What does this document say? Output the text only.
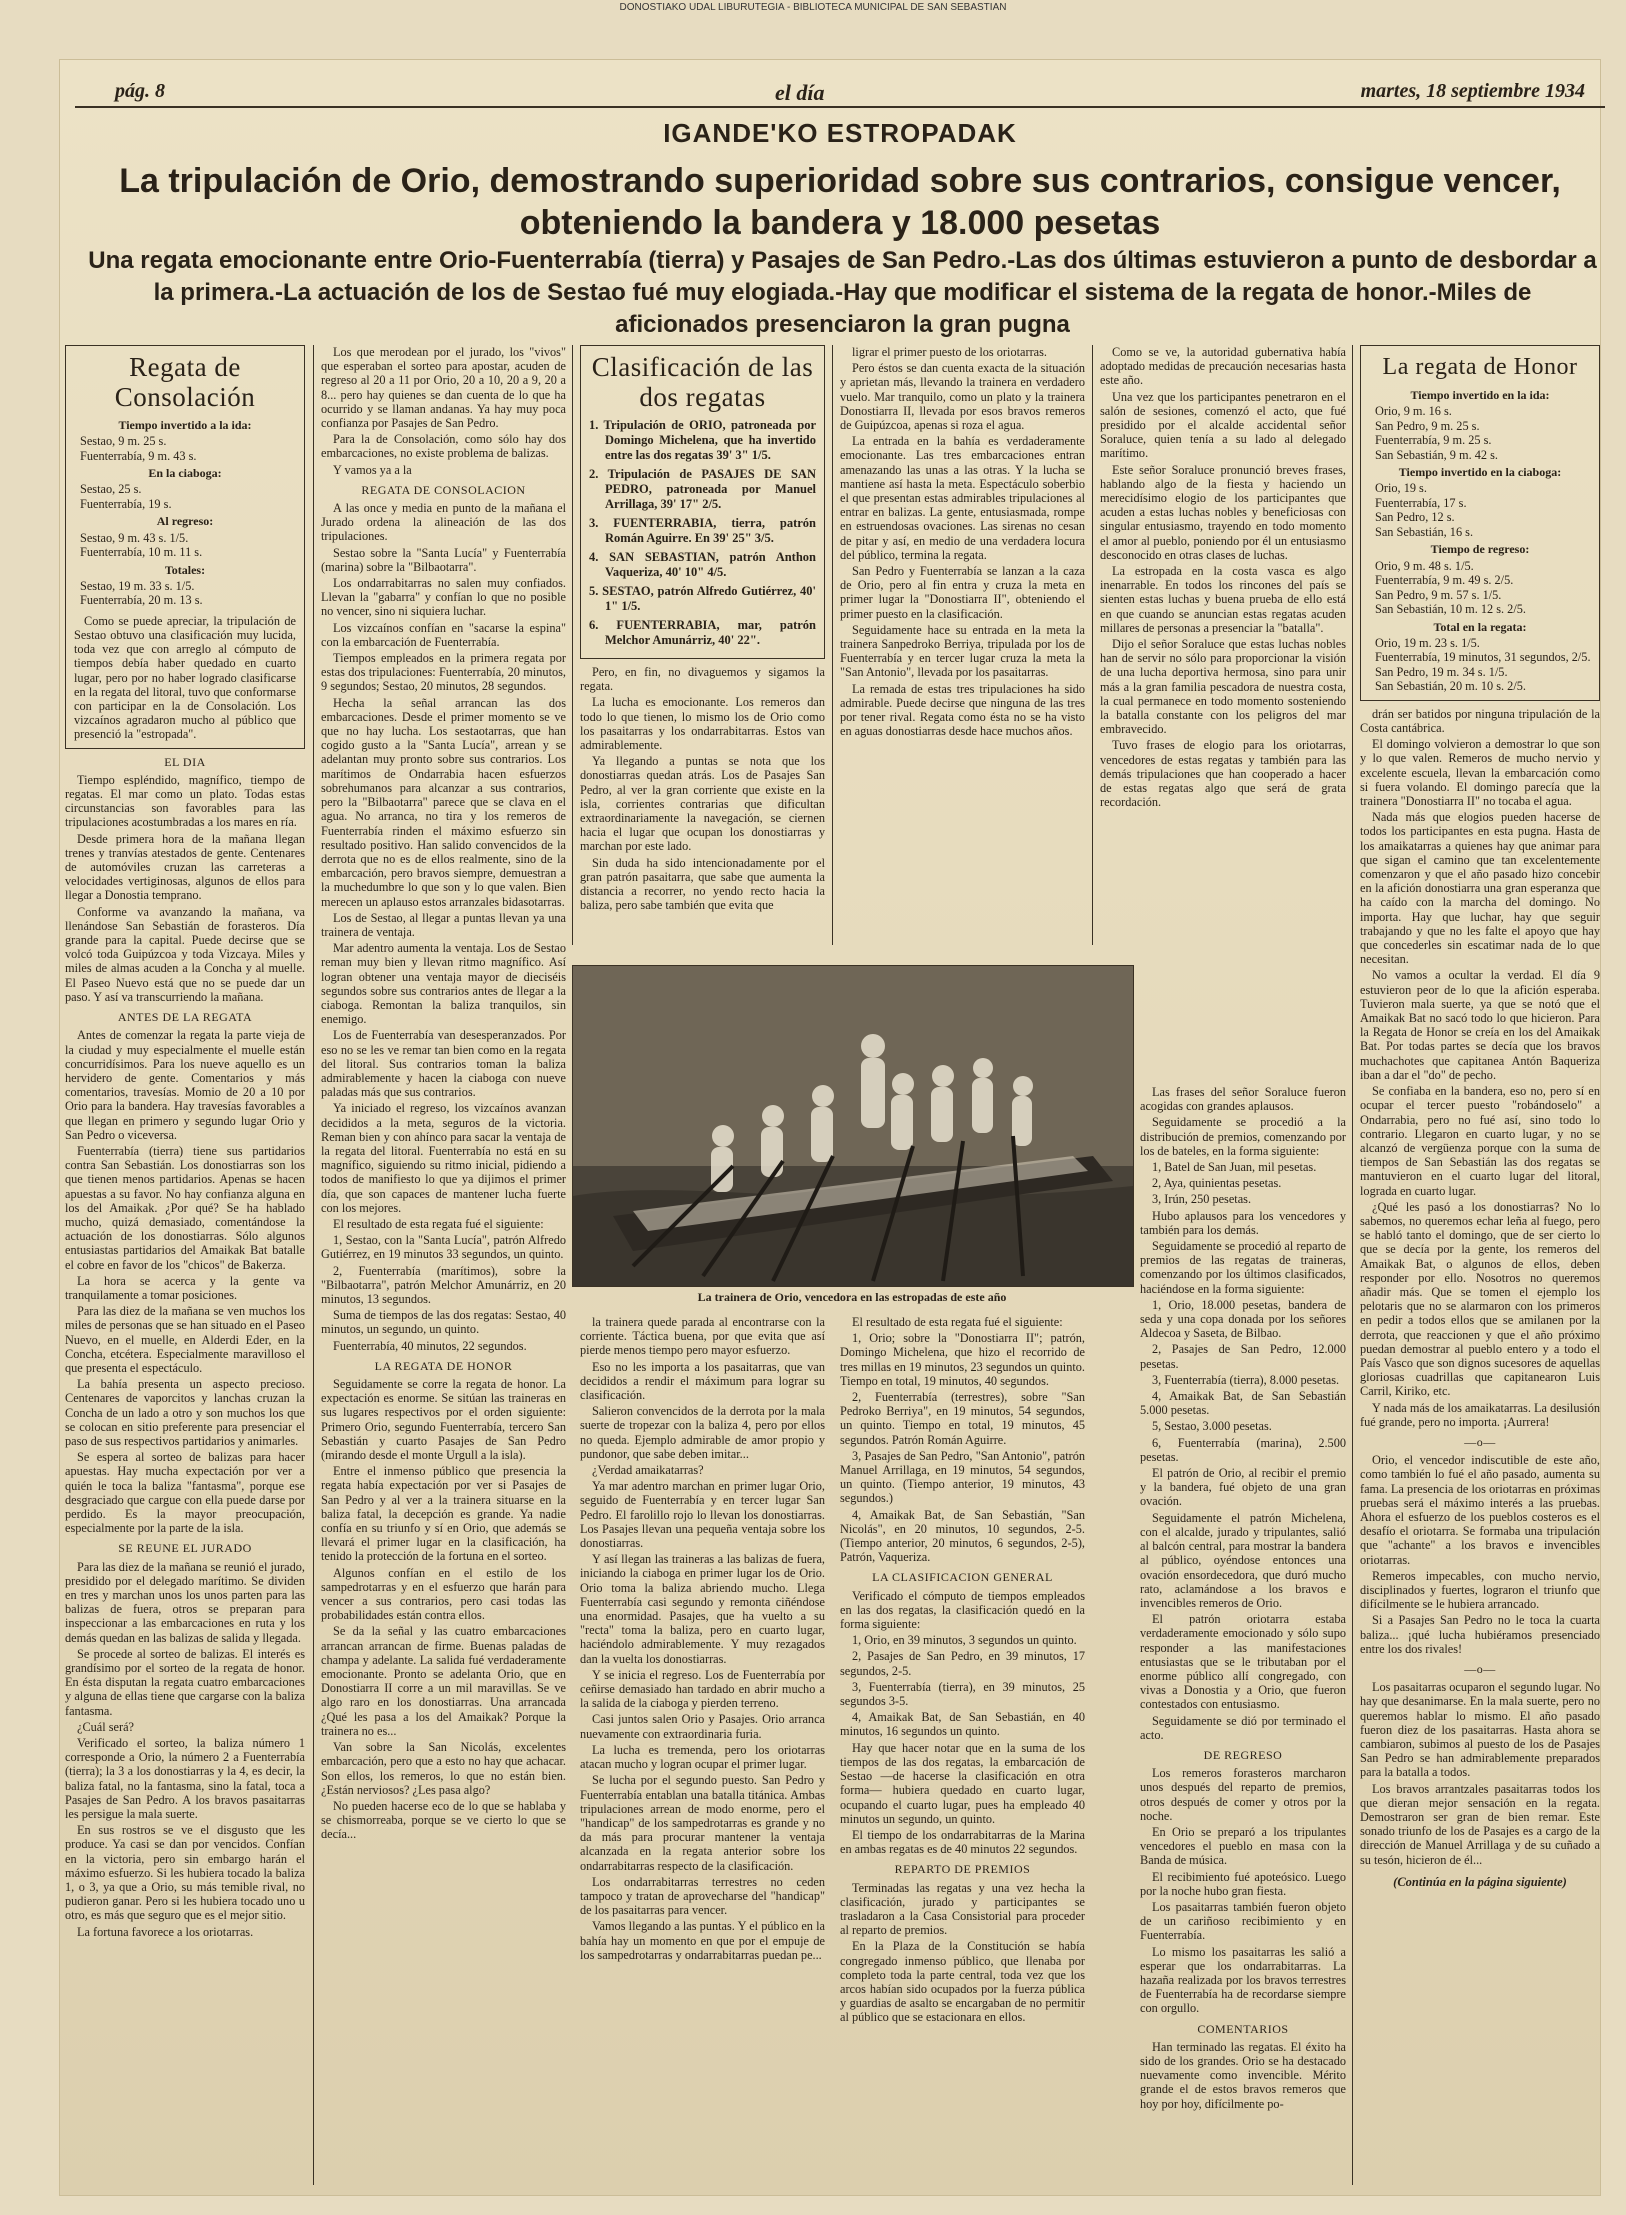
DONOSTIAKO UDAL LIBURUTEGIA - BIBLIOTECA MUNICIPAL DE SAN SEBASTIAN
pág. 8	el día	martes, 18 septiembre 1934
IGANDE'KO ESTROPADAK
La tripulación de Orio, demostrando superioridad sobre sus contrarios, consigue vencer, obteniendo la bandera y 18.000 pesetas
Una regata emocionante entre Orio-Fuenterrabía (tierra) y Pasajes de San Pedro.-Las dos últimas estuvieron a punto de desbordar a la primera.-La actuación de los de Sestao fué muy elogiada.-Hay que modificar el sistema de la regata de honor.-Miles de aficionados presenciaron la gran pugna
Regata de Consolación
Tiempo invertido a la ida:
Sestao, 9 m. 25 s.
Fuenterrabía, 9 m. 43 s.
En la ciaboga:
Sestao, 25 s.
Fuenterrabía, 19 s.
Al regreso:
Sestao, 9 m. 43 s. 1/5.
Fuenterrabía, 10 m. 11 s.
Totales:
Sestao, 19 m. 33 s. 1/5.
Fuenterrabía, 20 m. 13 s.
Como se puede apreciar, la tripulación de Sestao obtuvo una clasificación muy lucida, toda vez que con arreglo al cómputo de tiempos debía haber quedado en cuarto lugar, pero por no haber logrado clasificarse en la regata del litoral, tuvo que conformarse con participar en la de Consolación. Los vizcaínos agradaron mucho al público que presenció la "estropada".
EL DIA

Tiempo espléndido, magnífico, tiempo de regatas. El mar como un plato. Todas estas circunstancias son favorables para las tripulaciones acostumbradas a los mares en ría.

Desde primera hora de la mañana llegan trenes y tranvías atestados de gente. Centenares de automóviles cruzan las carreteras a velocidades vertiginosas, algunos de ellos para llegar a Donostia temprano.

Conforme va avanzando la mañana, va llenándose San Sebastián de forasteros. Día grande para la capital. Puede decirse que se volcó toda Guipúzcoa y toda Vizcaya. Miles y miles de almas acuden a la Concha y al muelle. El Paseo Nuevo está que no se puede dar un paso. Y así va transcurriendo la mañana.

ANTES DE LA REGATA

Antes de comenzar la regata la parte vieja de la ciudad y muy especialmente el muelle están concurridísimos. Para los nueve aquello es un hervidero de gente. Comentarios y más comentarios, travesías. Momio de 20 a 10 por Orio para la bandera. Hay travesías favorables a que llegan en primero y segundo lugar Orio y San Pedro o viceversa.

Fuenterrabía (tierra) tiene sus partidarios contra San Sebastián. Los donostiarras son los que tienen menos partidarios. Apenas se hacen apuestas a su favor. No hay confianza alguna en los del Amaikak. ¿Por qué? Se ha hablado mucho, quizá demasiado, comentándose la actuación de los donostiarras. Sólo algunos entusiastas partidarios del Amaikak Bat batalle el cobre en favor de los "chicos" de Bakerza.

La hora se acerca y la gente va tranquilamente a tomar posiciones.

Para las diez de la mañana se ven muchos los miles de personas que se han situado en el Paseo Nuevo, en el muelle, en Alderdi Eder, en la Concha, etcétera. Especialmente maravilloso el que presenta el espectáculo.

La bahía presenta un aspecto precioso. Centenares de vaporcitos y lanchas cruzan la Concha de un lado a otro y son muchos los que se colocan en sitio preferente para presenciar el paso de sus respectivos partidarios y animarles.

Se espera al sorteo de balizas para hacer apuestas. Hay mucha expectación por ver a quién le toca la baliza "fantasma", porque ese desgraciado que cargue con ella puede darse por perdido. Es la mayor preocupación, especialmente por la parte de la isla.

SE REUNE EL JURADO

Para las diez de la mañana se reunió el jurado, presidido por el delegado marítimo. Se dividen en tres y marchan unos los unos parten para las balizas de fuera, otros se preparan para inspeccionar a las embarcaciones en ruta y los demás quedan en las balizas de salida y llegada.

Se procede al sorteo de balizas. El interés es grandísimo por el sorteo de la regata de honor. En ésta disputan la regata cuatro embarcaciones y alguna de ellas tiene que cargarse con la baliza fantasma.

¿Cuál será?

Verificado el sorteo, la baliza número 1 corresponde a Orio, la número 2 a Fuenterrabía (tierra); la 3 a los donostiarras y la 4, es decir, la baliza fatal, no la fantasma, sino la fatal, toca a Pasajes de San Pedro. A los bravos pasaitarras les persigue la mala suerte.

En sus rostros se ve el disgusto que les produce. Ya casi se dan por vencidos. Confían en la victoria, pero sin embargo harán el máximo esfuerzo. Si les hubiera tocado la baliza 1, o 3, ya que a Orio, su más temible rival, no pudieron ganar. Pero si les hubiera tocado uno u otro, es más que seguro que es el mejor sitio.

La fortuna favorece a los oriotarras.

Los que merodean por el jurado, los "vivos" que esperaban el sorteo para apostar, acuden de regreso al 20 a 11 por Orio, 20 a 10, 20 a 9, 20 a 8... pero hay quienes se dan cuenta de lo que ha ocurrido y se llaman andanas. Ya hay muy poca confianza por Pasajes de San Pedro.

Para la de Consolación, como sólo hay dos embarcaciones, no existe problema de balizas.

Y vamos ya a la

REGATA DE CONSOLACION

A las once y media en punto de la mañana el Jurado ordena la alineación de las dos tripulaciones.

Sestao sobre la "Santa Lucía" y Fuenterrabía (marina) sobre la "Bilbaotarra".

Los ondarrabitarras no salen muy confiados. Llevan la "gabarra" y confían lo que no posible no vencer, sino ni siquiera luchar.

Los vizcaínos confían en "sacarse la espina" con la embarcación de Fuenterrabía.

Tiempos empleados en la primera regata por estas dos tripulaciones: Fuenterrabía, 20 minutos, 9 segundos; Sestao, 20 minutos, 28 segundos.

Hecha la señal arrancan las dos embarcaciones. Desde el primer momento se ve que no hay lucha. Los sestaotarras, que han cogido gusto a la "Santa Lucía", arrean y se adelantan muy pronto sobre sus contrarios. Los marítimos de Ondarrabia hacen esfuerzos sobrehumanos para alcanzar a sus contrarios, pero la "Bilbaotarra" parece que se clava en el agua. No arranca, no tira y los remeros de Fuenterrabía rinden el máximo esfuerzo sin resultado positivo. Han salido convencidos de la derrota que no es de ellos realmente, sino de la embarcación, pero bravos siempre, demuestran a la muchedumbre lo que son y lo que valen. Bien merecen un aplauso estos arranzales bidasotarras.

Los de Sestao, al llegar a puntas llevan ya una trainera de ventaja.

Mar adentro aumenta la ventaja. Los de Sestao reman muy bien y llevan ritmo magnífico. Así logran obtener una ventaja mayor de dieciséis segundos sobre sus contrarios antes de llegar a la ciaboga. Remontan la baliza tranquilos, sin enemigo.

Los de Fuenterrabía van desesperanzados. Por eso no se les ve remar tan bien como en la regata del litoral. Sus contrarios toman la baliza admirablemente y hacen la ciaboga con nueve paladas más que sus contrarios.

Ya iniciado el regreso, los vizcaínos avanzan decididos a la meta, seguros de la victoria. Reman bien y con ahínco para sacar la ventaja de la regata del litoral. Fuenterrabía no está en su magnífico, siguiendo su ritmo inicial, pidiendo a todos de manifiesto lo que ya dijimos el primer día, que son capaces de mantener lucha fuerte con los mejores.

El resultado de esta regata fué el siguiente:

1, Sestao, con la "Santa Lucía", patrón Alfredo Gutiérrez, en 19 minutos 33 segundos, un quinto.

2, Fuenterrabía (marítimos), sobre la "Bilbaotarra", patrón Melchor Amunárriz, en 20 minutos, 13 segundos.

Suma de tiempos de las dos regatas: Sestao, 40 minutos, un segundo, un quinto.

Fuenterrabía, 40 minutos, 22 segundos.

LA REGATA DE HONOR

Seguidamente se corre la regata de honor. La expectación es enorme. Se sitúan las traineras en sus lugares respectivos por el orden siguiente: Primero Orio, segundo Fuenterrabía, tercero San Sebastián y cuarto Pasajes de San Pedro (mirando desde el monte Urgull a la isla).

Entre el inmenso público que presencia la regata había expectación por ver si Pasajes de San Pedro y al ver a la trainera situarse en la baliza fatal, la decepción es grande. Ya nadie confía en su triunfo y sí en Orio, que además se llevará el primer lugar en la clasificación, ha tenido la protección de la fortuna en el sorteo.

Algunos confían en el estilo de los sampedrotarras y en el esfuerzo que harán para vencer a sus contrarios, pero casi todas las probabilidades están contra ellos.

Se da la señal y las cuatro embarcaciones arrancan arrancan de firme. Buenas paladas de champa y adelante. La salida fué verdaderamente emocionante. Pronto se adelanta Orio, que en Donostiarra II corre a un mil maravillas. Se ve algo raro en los donostiarras. Una arrancada ¿Qué les pasa a los del Amaikak? Porque la trainera no es...

Van sobre la San Nicolás, excelentes embarcación, pero que a esto no hay que achacar. Son ellos, los remeros, lo que no están bien. ¿Están nerviosos? ¿Les pasa algo?

No pueden hacerse eco de lo que se hablaba y se chismorreaba, porque se ve cierto lo que se decía...

Clasificación de las dos regatas
1. Tripulación de ORIO, patroneada por Domingo Michelena, que ha invertido entre las dos regatas 39' 3" 1/5.
2. Tripulación de PASAJES DE SAN PEDRO, patroneada por Manuel Arrillaga, 39' 17" 2/5.
3. FUENTERRABIA, tierra, patrón Román Aguirre. En 39' 25" 3/5.
4. SAN SEBASTIAN, patrón Anthon Vaqueriza, 40' 10" 4/5.
5. SESTAO, patrón Alfredo Gutiérrez, 40' 1" 1/5.
6. FUENTERRABIA, mar, patrón Melchor Amunárriz, 40' 22".

Pero, en fin, no divaguemos y sigamos la regata.

La lucha es emocionante. Los remeros dan todo lo que tienen, lo mismo los de Orio como los pasaitarras y los ondarrabitarras. Estos van admirablemente.

Ya llegando a puntas se nota que los donostiarras quedan atrás. Los de Pasajes San Pedro, al ver la gran corriente que existe en la isla, corrientes contrarias que dificultan extraordinariamente la navegación, se ciernen hacia el lugar que ocupan los donostiarras y marchan por este lado.

Sin duda ha sido intencionadamente por el gran patrón pasaitarra, que sabe que aumenta la distancia a recorrer, no yendo recto hacia la baliza, pero sabe también que evita que

ligrar el primer puesto de los oriotarras.

Pero éstos se dan cuenta exacta de la situación y aprietan más, llevando la trainera en verdadero vuelo. Mar tranquilo, como un plato y la trainera Donostiarra II, llevada por esos bravos remeros de Guipúzcoa, apenas si roza el agua.

La entrada en la bahía es verdaderamente emocionante. Las tres embarcaciones entran amenazando las unas a las otras. Y la lucha se mantiene así hasta la meta. Espectáculo soberbio el que presentan estas admirables tripulaciones al entrar en balizas. La gente, entusiasmada, rompe en estruendosas ovaciones. Las sirenas no cesan de pitar y así, en medio de una verdadera locura del público, termina la regata.

San Pedro y Fuenterrabía se lanzan a la caza de Orio, pero al fin entra y cruza la meta en primer lugar la "Donostiarra II", obteniendo el primer puesto en la clasificación.

Seguidamente hace su entrada en la meta la trainera Sanpedroko Berriya, tripulada por los de Fuenterrabía y en tercer lugar cruza la meta la "San Antonio", llevada por los pasaitarras.

La remada de estas tres tripulaciones ha sido admirable. Puede decirse que ninguna de las tres por tener rival. Regata como ésta no se ha visto en aguas donostiarras desde hace muchos años.

Como se ve, la autoridad gubernativa había adoptado medidas de precaución necesarias hasta este año.

Una vez que los participantes penetraron en el salón de sesiones, comenzó el acto, que fué presidido por el alcalde accidental señor Soraluce, quien tenía a su lado al delegado marítimo.

Este señor Soraluce pronunció breves frases, hablando algo de la fiesta y haciendo un merecidísimo elogio de los participantes que acuden a estas luchas nobles y beneficiosas con singular entusiasmo, trayendo en todo momento el amor al pueblo, poniendo por él un entusiasmo desconocido en otras clases de luchas.

La estropada en la costa vasca es algo inenarrable. En todos los rincones del país se sienten estas luchas y buena prueba de ello está en que cuando se anuncian estas regatas acuden millares de personas a presenciar la "batalla".

Dijo el señor Soraluce que estas luchas nobles han de servir no sólo para proporcionar la visión de una lucha deportiva hermosa, sino para unir más a la gran familia pescadora de nuestra costa, la cual permanece en todo momento sosteniendo la batalla constante con los peligros del mar embravecido.

Tuvo frases de elogio para los oriotarras, vencedores de estas regatas y también para las demás tripulaciones que han cooperado a hacer de estas regatas algo que será de grata recordación.

La trainera de Orio, vencedora en las estropadas de este año

la trainera quede parada al encontrarse con la corriente. Táctica buena, por que evita que así pierde menos tiempo pero mayor esfuerzo.

Eso no les importa a los pasaitarras, que van decididos a rendir el máximum para lograr su clasificación.

Salieron convencidos de la derrota por la mala suerte de tropezar con la baliza 4, pero por ellos no queda. Ejemplo admirable de amor propio y pundonor, que sabe deben imitar...

¿Verdad amaikatarras?

Ya mar adentro marchan en primer lugar Orio, seguido de Fuenterrabía y en tercer lugar San Pedro. El farolillo rojo lo llevan los donostiarras. Los Pasajes llevan una pequeña ventaja sobre los donostiarras.

Y así llegan las traineras a las balizas de fuera, iniciando la ciaboga en primer lugar los de Orio. Orio toma la baliza abriendo mucho. Llega Fuenterrabía casi segundo y remonta ciñéndose una enormidad. Pasajes, que ha vuelto a su "recta" toma la baliza, pero en cuarto lugar, haciéndolo admirablemente. Y muy rezagados dan la vuelta los donostiarras.

Y se inicia el regreso. Los de Fuenterrabía por ceñirse demasiado han tardado en abrir mucho a la salida de la ciaboga y pierden terreno.

Casi juntos salen Orio y Pasajes. Orio arranca nuevamente con extraordinaria furia.

La lucha es tremenda, pero los oriotarras atacan mucho y logran ocupar el primer lugar.

Se lucha por el segundo puesto. San Pedro y Fuenterrabía entablan una batalla titánica. Ambas tripulaciones arrean de modo enorme, pero el "handicap" de los sampedrotarras es grande y no da más para procurar mantener la ventaja alcanzada en la regata anterior sobre los ondarrabitarras respecto de la clasificación.

Los ondarrabitarras terrestres no ceden tampoco y tratan de aprovecharse del "handicap" de los pasaitarras para vencer.

Vamos llegando a las puntas. Y el público en la bahía hay un momento en que por el empuje de los sampedrotarras y ondarrabitarras puedan pe...

El resultado de esta regata fué el siguiente:

1, Orio; sobre la "Donostiarra II"; patrón, Domingo Michelena, que hizo el recorrido de tres millas en 19 minutos, 23 segundos un quinto. Tiempo en total, 19 minutos, 40 segundos.

2, Fuenterrabía (terrestres), sobre "San Pedroko Berriya", en 19 minutos, 54 segundos, un quinto. Tiempo en total, 19 minutos, 45 segundos. Patrón Román Aguirre.

3, Pasajes de San Pedro, "San Antonio", patrón Manuel Arrillaga, en 19 minutos, 54 segundos, un quinto. (Tiempo anterior, 19 minutos, 43 segundos.)

4, Amaikak Bat, de San Sebastián, "San Nicolás", en 20 minutos, 10 segundos, 2-5. (Tiempo anterior, 20 minutos, 6 segundos, 2-5), Patrón, Vaqueriza.

LA CLASIFICACION GENERAL

Verificado el cómputo de tiempos empleados en las dos regatas, la clasificación quedó en la forma siguiente:

1, Orio, en 39 minutos, 3 segundos un quinto.

2, Pasajes de San Pedro, en 39 minutos, 17 segundos, 2-5.

3, Fuenterrabía (tierra), en 39 minutos, 25 segundos 3-5.

4, Amaikak Bat, de San Sebastián, en 40 minutos, 16 segundos un quinto.

Hay que hacer notar que en la suma de los tiempos de las dos regatas, la embarcación de Sestao —de hacerse la clasificación en otra forma— hubiera quedado en cuarto lugar, ocupando el cuarto lugar, pues ha empleado 40 minutos un segundo, un quinto.

El tiempo de los ondarrabitarras de la Marina en ambas regatas es de 40 minutos 22 segundos.

REPARTO DE PREMIOS

Terminadas las regatas y una vez hecha la clasificación, jurado y participantes se trasladaron a la Casa Consistorial para proceder al reparto de premios.

En la Plaza de la Constitución se había congregado inmenso público, que llenaba por completo toda la parte central, toda vez que los arcos habían sido ocupados por la fuerza pública y guardias de asalto se encargaban de no permitir al público que se estacionara en ellos.

Las frases del señor Soraluce fueron acogidas con grandes aplausos.

Seguidamente se procedió a la distribución de premios, comenzando por los de bateles, en la forma siguiente:

1, Batel de San Juan, mil pesetas.

2, Aya, quinientas pesetas.

3, Irún, 250 pesetas.

Hubo aplausos para los vencedores y también para los demás.

Seguidamente se procedió al reparto de premios de las regatas de traineras, comenzando por los últimos clasificados, haciéndose en la forma siguiente:

1, Orio, 18.000 pesetas, bandera de seda y una copa donada por los señores Aldecoa y Saseta, de Bilbao.

2, Pasajes de San Pedro, 12.000 pesetas.

3, Fuenterrabía (tierra), 8.000 pesetas.

4, Amaikak Bat, de San Sebastián 5.000 pesetas.

5, Sestao, 3.000 pesetas.

6, Fuenterrabía (marina), 2.500 pesetas.

El patrón de Orio, al recibir el premio y la bandera, fué objeto de una gran ovación.

Seguidamente el patrón Michelena, con el alcalde, jurado y tripulantes, salió al balcón central, para mostrar la bandera al público, oyéndose entonces una ovación ensordecedora, que duró mucho rato, aclamándose a los bravos e invencibles remeros de Orio.

El patrón oriotarra estaba verdaderamente emocionado y sólo supo responder a las manifestaciones entusiastas que se le tributaban por el enorme público allí congregado, con vivas a Donostia y a Orio, que fueron contestados con entusiasmo.

Seguidamente se dió por terminado el acto.

DE REGRESO

Los remeros forasteros marcharon unos después del reparto de premios, otros después de comer y otros por la noche.

En Orio se preparó a los tripulantes vencedores el pueblo en masa con la Banda de música.

El recibimiento fué apoteósico. Luego por la noche hubo gran fiesta.

Los pasaitarras también fueron objeto de un cariñoso recibimiento y en Fuenterrabía.

Lo mismo los pasaitarras les salió a esperar que los ondarrabitarras. La hazaña realizada por los bravos terrestres de Fuenterrabía ha de recordarse siempre con orgullo.

COMENTARIOS

Han terminado las regatas. El éxito ha sido de los grandes. Orio se ha destacado nuevamente como invencible. Mérito grande el de estos bravos remeros que hoy por hoy, difícilmente po-

La regata de Honor
Tiempo invertido en la ida:
Orio, 9 m. 16 s.
San Pedro, 9 m. 25 s.
Fuenterrabía, 9 m. 25 s.
San Sebastián, 9 m. 42 s.
Tiempo invertido en la ciaboga:
Orio, 19 s.
Fuenterrabía, 17 s.
San Pedro, 12 s.
San Sebastián, 16 s.
Tiempo de regreso:
Orio, 9 m. 48 s. 1/5.
Fuenterrabía, 9 m. 49 s. 2/5.
San Pedro, 9 m. 57 s. 1/5.
San Sebastián, 10 m. 12 s. 2/5.
Total en la regata:
Orio, 19 m. 23 s. 1/5.
Fuenterrabía, 19 minutos, 31 segundos, 2/5.
San Pedro, 19 m. 34 s. 1/5.
San Sebastián, 20 m. 10 s. 2/5.

drán ser batidos por ninguna tripulación de la Costa cantábrica.

El domingo volvieron a demostrar lo que son y lo que valen. Remeros de mucho nervio y excelente escuela, llevan la embarcación como si fuera volando. El domingo parecía que la trainera "Donostiarra II" no tocaba el agua.

Nada más que elogios pueden hacerse de todos los participantes en esta pugna. Hasta de los amaikatarras a quienes hay que animar para que sigan el camino que tan excelentemente comenzaron y que el año pasado hizo concebir en la afición donostiarra una gran esperanza que ha caído con la marcha del domingo. No importa. Hay que luchar, hay que seguir trabajando y que no les falte el apoyo que hay que concederles sin escatimar nada de lo que necesitan.

No vamos a ocultar la verdad. El día 9 estuvieron peor de lo que la afición esperaba. Tuvieron mala suerte, ya que se notó que el Amaikak Bat no sacó todo lo que hicieron. Para la Regata de Honor se creía en los del Amaikak Bat. Por todas partes se decía que los bravos muchachotes que capitanea Antón Baqueriza iban a dar el "do" de pecho.

Se confiaba en la bandera, eso no, pero sí en ocupar el tercer puesto "robándoselo" a Ondarrabia, pero no fué así, sino todo lo contrario. Llegaron en cuarto lugar, y no se alcanzó de vergüenza porque con la suma de tiempos de San Sebastián las dos regatas se mantuvieron en el cuarto lugar del litoral, lograda en cuarto lugar.

¿Qué les pasó a los donostiarras? No lo sabemos, no queremos echar leña al fuego, pero se habló tanto el domingo, que de ser cierto lo que se decía por la gente, los remeros del Amaikak Bat, o algunos de ellos, deben responder por ello. Nosotros no queremos añadir más. Que se tomen el ejemplo los pelotaris que no se alarmaron con los primeros en pedir a todos ellos que se amilanen por la derrota, que reaccionen y que el año próximo puedan demostrar al pueblo entero y a todo el País Vasco que son dignos sucesores de aquellas gloriosas cuadrillas que capitanearon Luis Carril, Kiriko, etc.

Y nada más de los amaikatarras. La desilusión fué grande, pero no importa. ¡Aurrera!

—o—

Orio, el vencedor indiscutible de este año, como también lo fué el año pasado, aumenta su fama. La presencia de los oriotarras en próximas pruebas será el máximo interés a las pruebas. Ahora el esfuerzo de los pueblos costeros es el desafío el oriotarra. Se formaba una tripulación que "achante" a los bravos e invencibles oriotarras.

Remeros impecables, con mucho nervio, disciplinados y fuertes, lograron el triunfo que difícilmente se le hubiera arrancado.

Si a Pasajes San Pedro no le toca la cuarta baliza... ¡qué lucha hubiéramos presenciado entre los dos rivales!

—o—

Los pasaitarras ocuparon el segundo lugar. No hay que desanimarse. En la mala suerte, pero no queremos hablar lo mismo. El año pasado fueron diez de los pasaitarras. Hasta ahora se cambiaron, subimos al puesto de los de Pasajes San Pedro se han admirablemente preparados para la batalla a todos.

Los bravos arrantzales pasaitarras todos los que dieran mejor sensación en la regata. Demostraron ser gran de bien remar. Este sonado triunfo de los de Pasajes es a cargo de la dirección de Manuel Arrillaga y de su cuñado a su tesón, hicieron de él...

(Continúa en la página siguiente)
